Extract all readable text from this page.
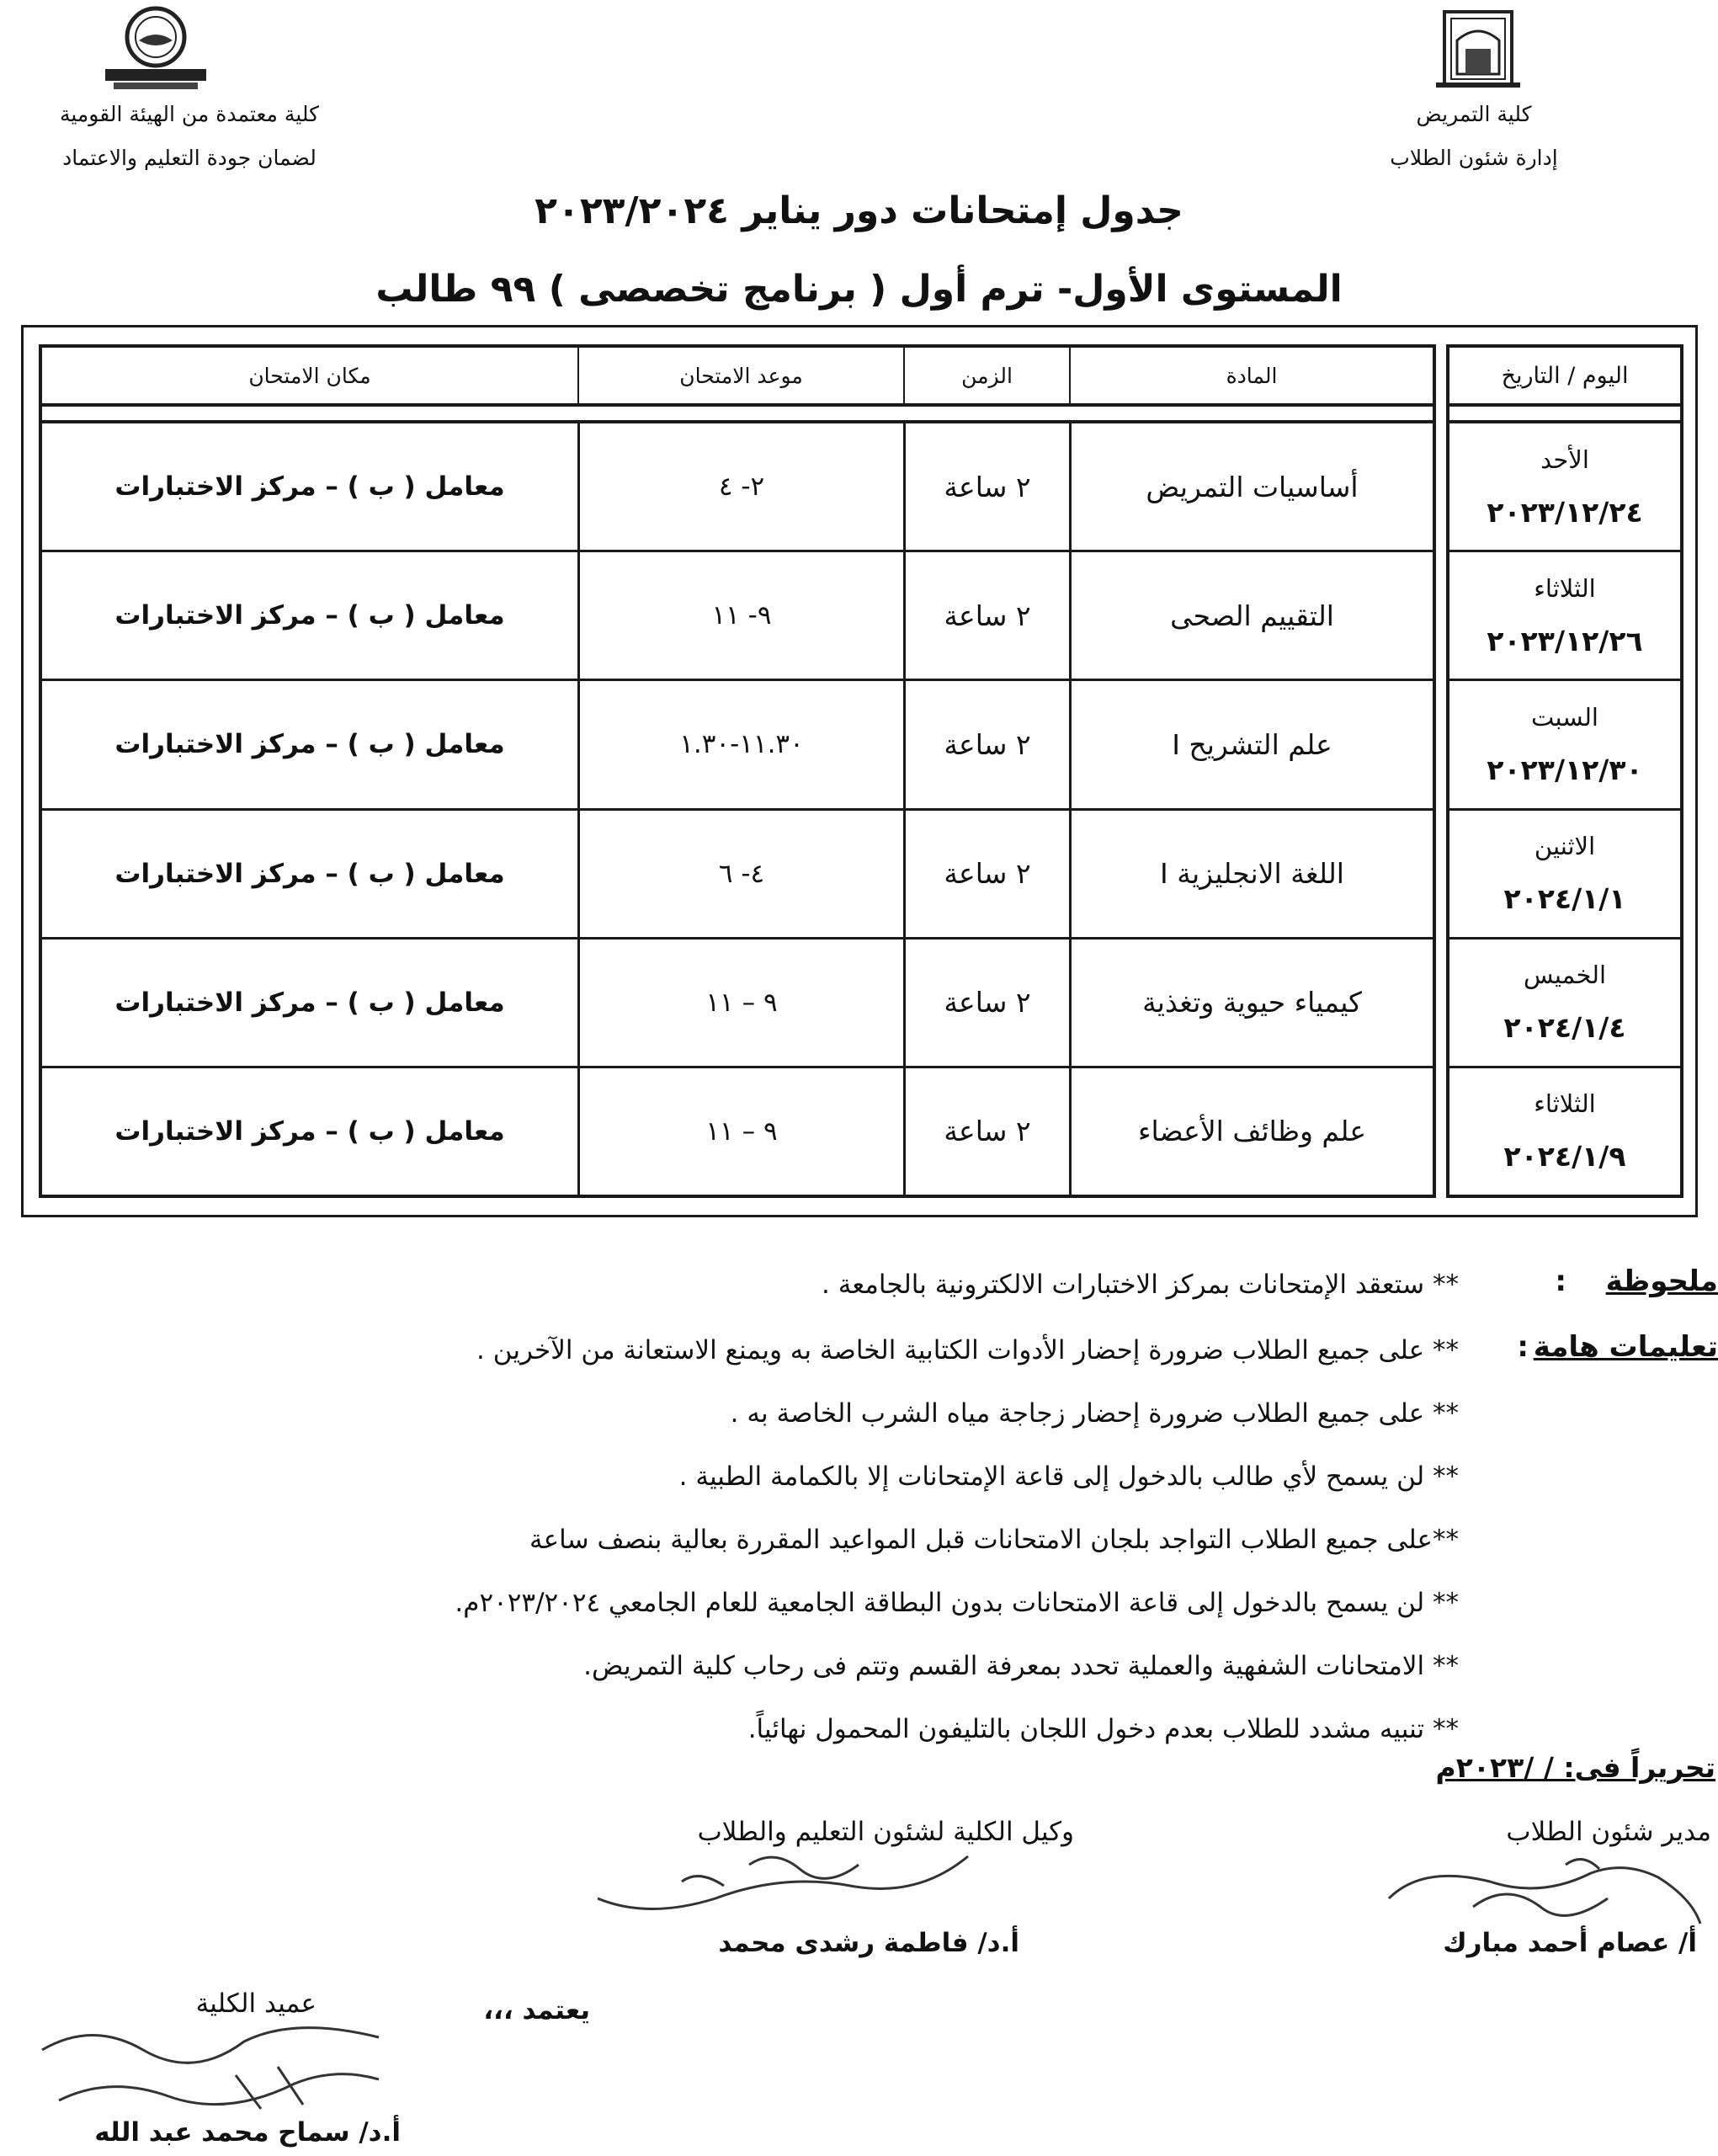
كلية التمريض
إدارة شئون الطلاب
كلية معتمدة من الهيئة القومية
لضمان جودة التعليم والاعتماد
جدول إمتحانات دور يناير ٢٠٢٣/٢٠٢٤
المستوى الأول- ترم أول ( برنامج تخصصى ) ٩٩ طالب
اليوم / التاريخ
الأحد
٢٠٢٣/١٢/٢٤
الثلاثاء
٢٠٢٣/١٢/٢٦
السبت
٢٠٢٣/١٢/٣٠
الاثنين
٢٠٢٤/١/١
الخميس
٢٠٢٤/١/٤
الثلاثاء
٢٠٢٤/١/٩
المادة
الزمن
موعد الامتحان
مكان الامتحان
أساسيات التمريض
٢ ساعة
٢- ٤
معامل ( ب ) – مركز الاختبارات
التقييم الصحى
٢ ساعة
٩- ١١
معامل ( ب ) – مركز الاختبارات
علم التشريح I
٢ ساعة
١١.٣٠-١.٣٠
معامل ( ب ) – مركز الاختبارات
اللغة الانجليزية I
٢ ساعة
٤- ٦
معامل ( ب ) – مركز الاختبارات
كيمياء حيوية وتغذية
٢ ساعة
٩ – ١١
معامل ( ب ) – مركز الاختبارات
علم وظائف الأعضاء
٢ ساعة
٩ – ١١
معامل ( ب ) – مركز الاختبارات
ملحوظة
:
** ستعقد الإمتحانات بمركز الاختبارات الالكترونية بالجامعة .
تعليمات هامة
:
** على جميع الطلاب ضرورة إحضار الأدوات الكتابية الخاصة به ويمنع الاستعانة من الآخرين .
** على جميع الطلاب ضرورة إحضار زجاجة مياه الشرب الخاصة به .
** لن يسمح لأي طالب بالدخول إلى قاعة الإمتحانات إلا بالكمامة الطبية .
**على جميع الطلاب التواجد بلجان الامتحانات قبل المواعيد المقررة بعالية بنصف ساعة
** لن يسمح بالدخول إلى قاعة الامتحانات بدون البطاقة الجامعية للعام الجامعي ٢٠٢٣/٢٠٢٤م.
** الامتحانات الشفهية والعملية تحدد بمعرفة القسم وتتم فى رحاب كلية التمريض.
** تنبيه مشدد للطلاب بعدم دخول اللجان بالتليفون المحمول نهائياً.
تحريراً فى: / /٢٠٢٣م
مدير شئون الطلاب
أ/ عصام أحمد مبارك
وكيل الكلية لشئون التعليم والطلاب
أ.د/ فاطمة رشدى محمد
يعتمد ،،،
عميد الكلية
أ.د/ سماح محمد عبد الله
